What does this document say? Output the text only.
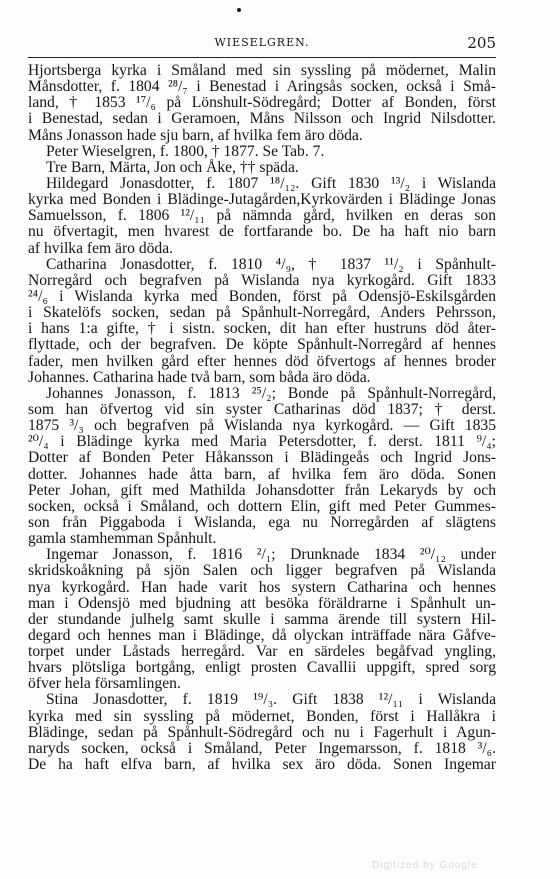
WIESELGREN.	205
Hjortsberga kyrka i Småland med sin syssling på mödernet, Malin
Månsdotter, f. 1804 ²⁸/₇ i Benestad i Aringsås socken, också i Små-
land, † 1853 ¹⁷/₆ på Lönshult-Södregård; Dotter af Bonden, först
i Benestad, sedan i Geramoen, Måns Nilsson och Ingrid Nilsdotter.
Måns Jonasson hade sju barn, af hvilka fem äro döda.
Peter Wieselgren, f. 1800, † 1877. Se Tab. 7.
Tre Barn, Märta, Jon och Åke, †† späda.
Hildegard Jonasdotter, f. 1807 ¹⁸/₁₂. Gift 1830 ¹³/₂ i Wislanda
kyrka med Bonden i Blädinge-Jutagården,Kyrkovärden i Blädinge Jonas
Samuelsson, f. 1806 ¹²/₁₁ på nämnda gård, hvilken en deras son
nu öfvertagit, men hvarest de fortfarande bo. De ha haft nio barn
af hvilka fem äro döda.
Catharina Jonasdotter, f. 1810 ⁴/₉, † 1837 ¹¹/₂ i Spånhult-
Norregård och begrafven på Wislanda nya kyrkogård. Gift 1833
²⁴/₆ i Wislanda kyrka med Bonden, först på Odensjö-Eskilsgården
i Skatelöfs socken, sedan på Spånhult-Norregård, Anders Pehrsson,
i hans 1:a gifte, † i sistn. socken, dit han efter hustruns död åter-
flyttade, och der begrafven. De köpte Spånhult-Norregård af hennes
fader, men hvilken gård efter hennes död öfvertogs af hennes broder
Johannes. Catharina hade två barn, som båda äro döda.
Johannes Jonasson, f. 1813 ²⁵/₂; Bonde på Spånhult-Norregård,
som han öfvertog vid sin syster Catharinas död 1837; † derst.
1875 ³/₃ och begrafven på Wislanda nya kyrkogård. — Gift 1835
²⁰/₄ i Blädinge kyrka med Maria Petersdotter, f. derst. 1811 ⁹/₄;
Dotter af Bonden Peter Håkansson i Blädingeås och Ingrid Jons-
dotter. Johannes hade åtta barn, af hvilka fem äro döda. Sonen
Peter Johan, gift med Mathilda Johansdotter från Lekaryds by och
socken, också i Småland, och dottern Elin, gift med Peter Gummes-
son från Piggaboda i Wislanda, ega nu Norregården af slägtens
gamla stamhemman Spånhult.
Ingemar Jonasson, f. 1816 ²/₁; Drunknade 1834 ²⁰/₁₂ under
skridskoåkning på sjön Salen och ligger begrafven på Wislanda
nya kyrkogård. Han hade varit hos systern Catharina och hennes
man i Odensjö med bjudning att besöka föräldrarne i Spånhult un-
der stundande julhelg samt skulle i samma ärende till systern Hil-
degard och hennes man i Blädinge, då olyckan inträffade nära Gåfve-
torpet under Låstads herregård. Var en särdeles begåfvad yngling,
hvars plötsliga bortgång, enligt prosten Cavallii uppgift, spred sorg
öfver hela församlingen.
Stina Jonasdotter, f. 1819 ¹⁹/₃. Gift 1838 ¹²/₁₁ i Wislanda
kyrka med sin syssling på mödernet, Bonden, först i Hallåkra i
Blädinge, sedan på Spånhult-Södregård och nu i Fagerhult i Agun-
naryds socken, också i Småland, Peter Ingemarsson, f. 1818 ³/₆.
De ha haft elfva barn, af hvilka sex äro döda. Sonen Ingemar
Digitized by Google
